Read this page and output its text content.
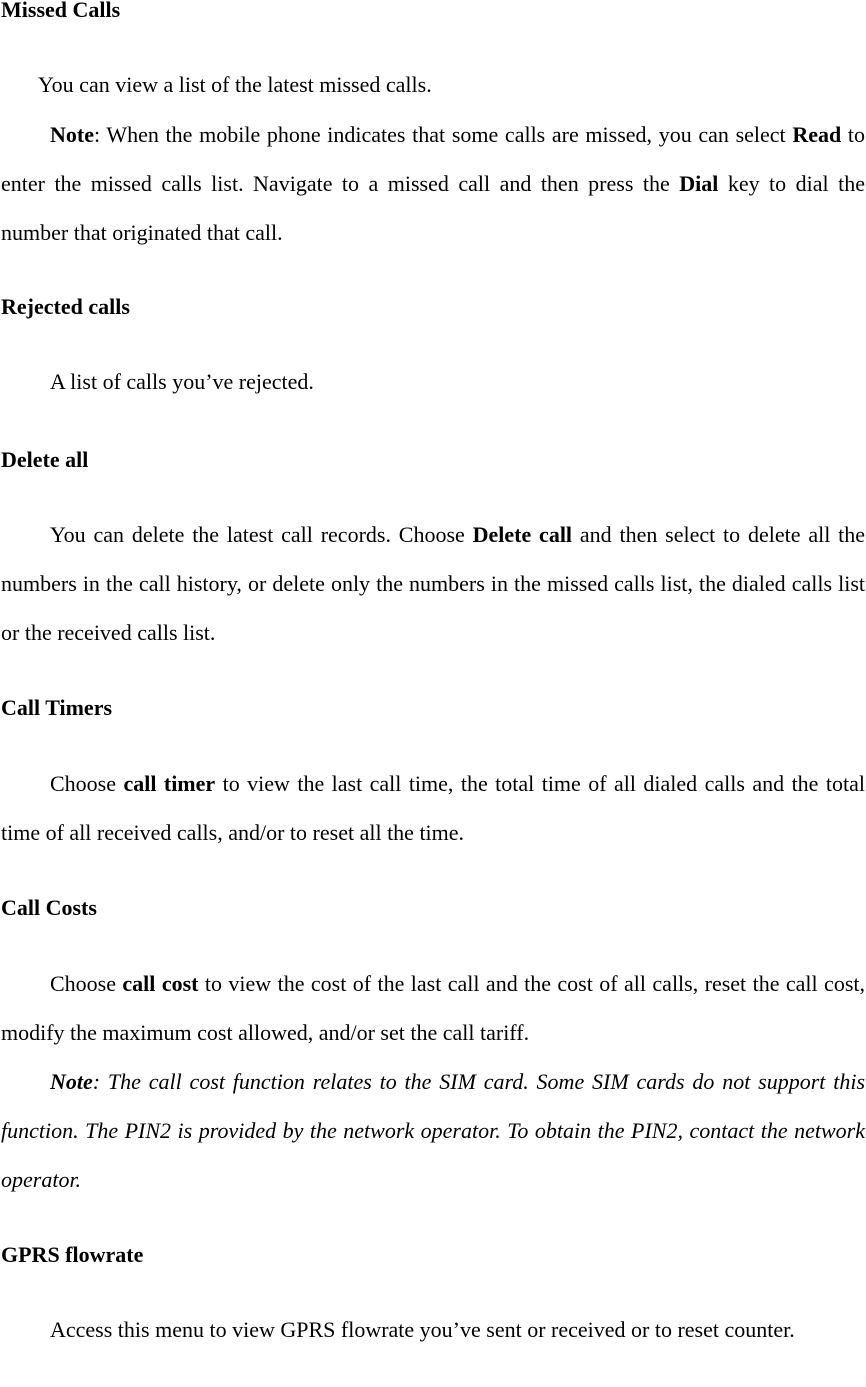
Missed Calls

You can view a list of the latest missed calls.

Note: When the mobile phone indicates that some calls are missed, you can select Read to enter the missed calls list. Navigate to a missed call and then press the Dial key to dial the number that originated that call.

Rejected calls

A list of calls you’ve rejected.

Delete all

You can delete the latest call records. Choose Delete call and then select to delete all the numbers in the call history, or delete only the numbers in the missed calls list, the dialed calls list or the received calls list.

Call Timers

Choose call timer to view the last call time, the total time of all dialed calls and the total time of all received calls, and/or to reset all the time.

Call Costs

Choose call cost to view the cost of the last call and the cost of all calls, reset the call cost, modify the maximum cost allowed, and/or set the call tariff.

Note: The call cost function relates to the SIM card. Some SIM cards do not support this function. The PIN2 is provided by the network operator. To obtain the PIN2, contact the network operator.

GPRS flowrate

Access this menu to view GPRS flowrate you’ve sent or received or to reset counter.
